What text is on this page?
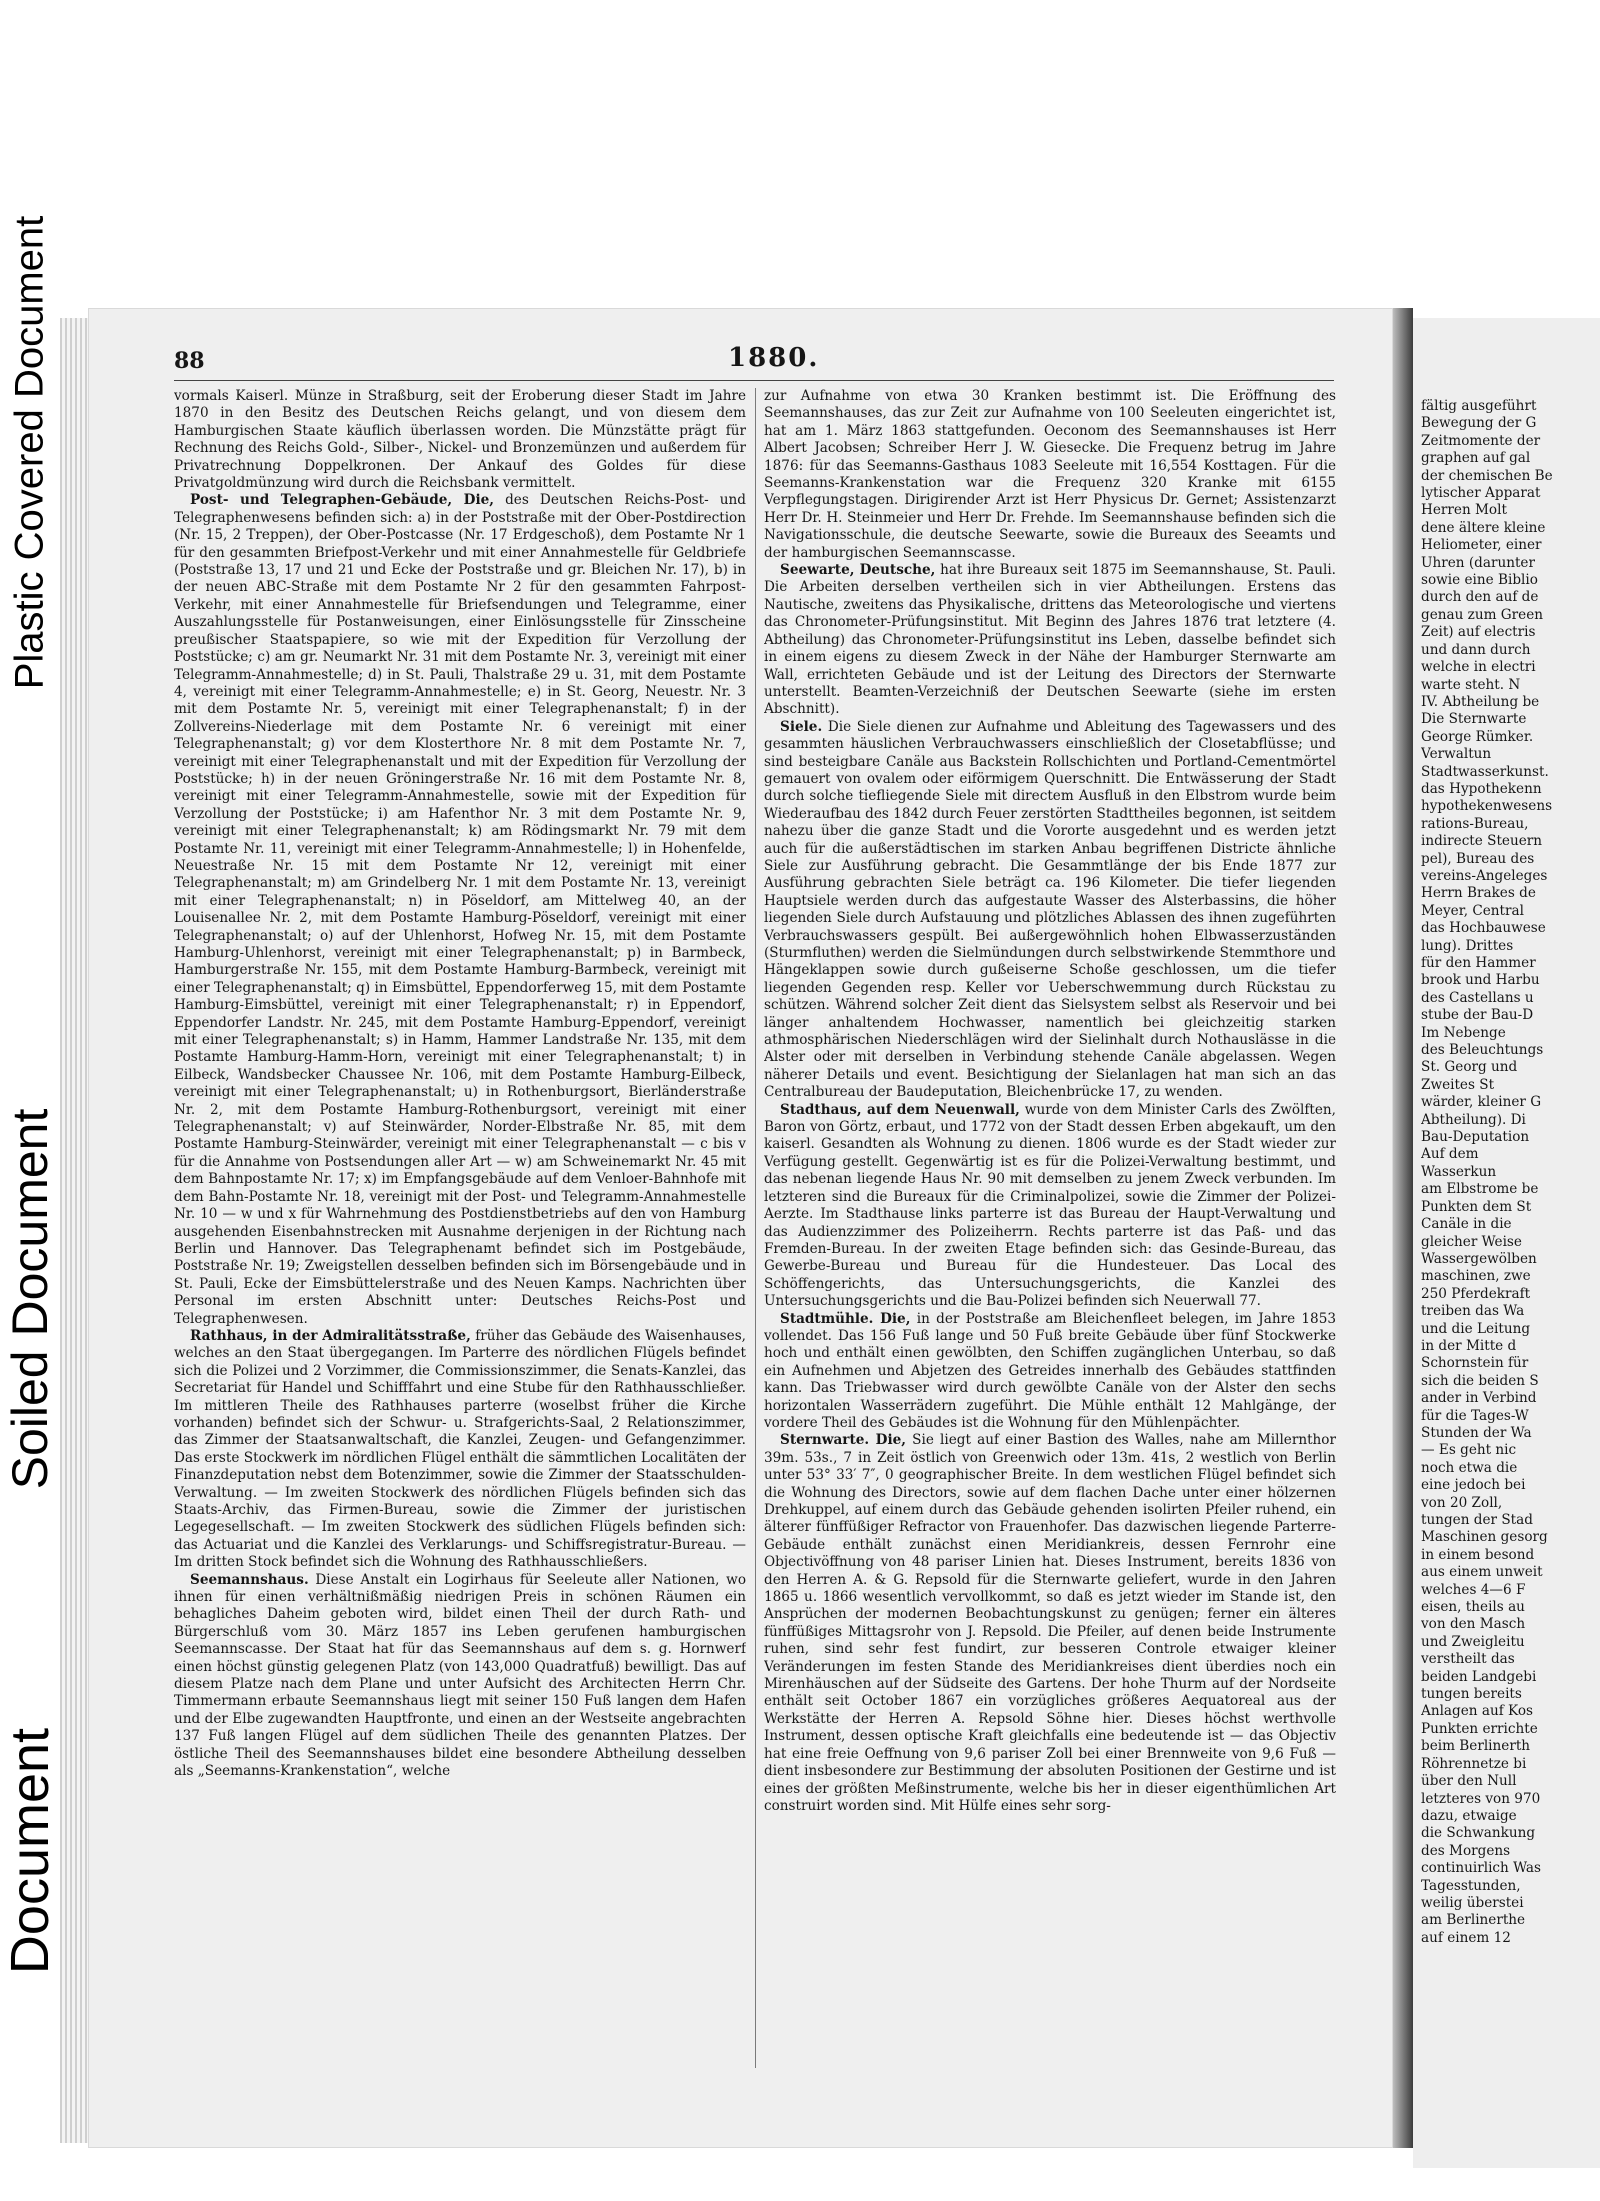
Plastic Covered Document
Soiled Document
Document
88	1880.

vormals Kaiserl. Münze in Straßburg, seit der Eroberung dieser Stadt im Jahre 1870 in den Besitz des Deutschen Reichs gelangt, und von diesem dem Hamburgischen Staate käuflich überlassen worden. Die Münzstätte prägt für Rechnung des Reichs Gold-, Silber-, Nickel- und Bronzemünzen und außerdem für Privatrechnung Doppelkronen. Der Ankauf des Goldes für diese Privatgoldmünzung wird durch die Reichsbank vermittelt.

Post- und Telegraphen-Gebäude, Die, des Deutschen Reichs-Post- und Telegraphenwesens befinden sich: a) in der Poststraße mit der Ober-Postdirection (Nr. 15, 2 Treppen), der Ober-Postcasse (Nr. 17 Erdgeschoß), dem Postamte Nr 1 für den gesammten Briefpost-Verkehr und mit einer Annahmestelle für Geldbriefe (Poststraße 13, 17 und 21 und Ecke der Poststraße und gr. Bleichen Nr. 17), b) in der neuen ABC-Straße mit dem Postamte Nr 2 für den gesammten Fahrpost-Verkehr, mit einer Annahmestelle für Briefsendungen und Telegramme, einer Auszahlungsstelle für Postanweisungen, einer Einlösungsstelle für Zinsscheine preußischer Staatspapiere, so wie mit der Expedition für Verzollung der Poststücke; c) am gr. Neumarkt Nr. 31 mit dem Postamte Nr. 3, vereinigt mit einer Telegramm-Annahmestelle; d) in St. Pauli, Thalstraße 29 u. 31, mit dem Postamte 4, vereinigt mit einer Telegramm-Annahmestelle; e) in St. Georg, Neuestr. Nr. 3 mit dem Postamte Nr. 5, vereinigt mit einer Telegraphenanstalt; f) in der Zollvereins-Niederlage mit dem Postamte Nr. 6 vereinigt mit einer Telegraphenanstalt; g) vor dem Klosterthore Nr. 8 mit dem Postamte Nr. 7, vereinigt mit einer Telegraphenanstalt und mit der Expedition für Verzollung der Poststücke; h) in der neuen Gröningerstraße Nr. 16 mit dem Postamte Nr. 8, vereinigt mit einer Telegramm-Annahmestelle, sowie mit der Expedition für Verzollung der Poststücke; i) am Hafenthor Nr. 3 mit dem Postamte Nr. 9, vereinigt mit einer Telegraphenanstalt; k) am Rödingsmarkt Nr. 79 mit dem Postamte Nr. 11, vereinigt mit einer Telegramm-Annahmestelle; l) in Hohenfelde, Neuestraße Nr. 15 mit dem Postamte Nr 12, vereinigt mit einer Telegraphenanstalt; m) am Grindelberg Nr. 1 mit dem Postamte Nr. 13, vereinigt mit einer Telegraphenanstalt; n) in Pöseldorf, am Mittelweg 40, an der Louisenallee Nr. 2, mit dem Postamte Hamburg-Pöseldorf, vereinigt mit einer Telegraphenanstalt; o) auf der Uhlenhorst, Hofweg Nr. 15, mit dem Postamte Hamburg-Uhlenhorst, vereinigt mit einer Telegraphenanstalt; p) in Barmbeck, Hamburgerstraße Nr. 155, mit dem Postamte Hamburg-Barmbeck, vereinigt mit einer Telegraphenanstalt; q) in Eimsbüttel, Eppendorferweg 15, mit dem Postamte Hamburg-Eimsbüttel, vereinigt mit einer Telegraphenanstalt; r) in Eppendorf, Eppendorfer Landstr. Nr. 245, mit dem Postamte Hamburg-Eppendorf, vereinigt mit einer Telegraphenanstalt; s) in Hamm, Hammer Landstraße Nr. 135, mit dem Postamte Hamburg-Hamm-Horn, vereinigt mit einer Telegraphenanstalt; t) in Eilbeck, Wandsbecker Chaussee Nr. 106, mit dem Postamte Hamburg-Eilbeck, vereinigt mit einer Telegraphenanstalt; u) in Rothenburgsort, Bierländerstraße Nr. 2, mit dem Postamte Hamburg-Rothenburgsort, vereinigt mit einer Telegraphenanstalt; v) auf Steinwärder, Norder-Elbstraße Nr. 85, mit dem Postamte Hamburg-Steinwärder, vereinigt mit einer Telegraphenanstalt — c bis v für die Annahme von Postsendungen aller Art — w) am Schweinemarkt Nr. 45 mit dem Bahnpostamte Nr. 17; x) im Empfangsgebäude auf dem Venloer-Bahnhofe mit dem Bahn-Postamte Nr. 18, vereinigt mit der Post- und Telegramm-Annahmestelle Nr. 10 — w und x für Wahrnehmung des Postdienstbetriebs auf den von Hamburg ausgehenden Eisenbahnstrecken mit Ausnahme derjenigen in der Richtung nach Berlin und Hannover. Das Telegraphenamt befindet sich im Postgebäude, Poststraße Nr. 19; Zweigstellen desselben befinden sich im Börsengebäude und in St. Pauli, Ecke der Eimsbüttelerstraße und des Neuen Kamps. Nachrichten über Personal im ersten Abschnitt unter: Deutsches Reichs-Post und Telegraphenwesen.

Rathhaus, in der Admiralitätsstraße, früher das Gebäude des Waisenhauses, welches an den Staat übergegangen. Im Parterre des nördlichen Flügels befindet sich die Polizei und 2 Vorzimmer, die Commissionszimmer, die Senats-Kanzlei, das Secretariat für Handel und Schifffahrt und eine Stube für den Rathhausschließer. Im mittleren Theile des Rathhauses parterre (woselbst früher die Kirche vorhanden) befindet sich der Schwur- u. Strafgerichts-Saal, 2 Relationszimmer, das Zimmer der Staatsanwaltschaft, die Kanzlei, Zeugen- und Gefangenzimmer. Das erste Stockwerk im nördlichen Flügel enthält die sämmtlichen Localitäten der Finanzdeputation nebst dem Botenzimmer, sowie die Zimmer der Staatsschulden-Verwaltung. — Im zweiten Stockwerk des nördlichen Flügels befinden sich das Staats-Archiv, das Firmen-Bureau, sowie die Zimmer der juristischen Legegesellschaft. — Im zweiten Stockwerk des südlichen Flügels befinden sich: das Actuariat und die Kanzlei des Verklarungs- und Schiffsregistratur-Bureau. — Im dritten Stock befindet sich die Wohnung des Rathhausschließers.

Seemannshaus. Diese Anstalt ein Logirhaus für Seeleute aller Nationen, wo ihnen für einen verhältnißmäßig niedrigen Preis in schönen Räumen ein behagliches Daheim geboten wird, bildet einen Theil der durch Rath- und Bürgerschluß vom 30. März 1857 ins Leben gerufenen hamburgischen Seemannscasse. Der Staat hat für das Seemannshaus auf dem s. g. Hornwerf einen höchst günstig gelegenen Platz (von 143,000 Quadratfuß) bewilligt. Das auf diesem Platze nach dem Plane und unter Aufsicht des Architecten Herrn Chr. Timmermann erbaute Seemannshaus liegt mit seiner 150 Fuß langen dem Hafen und der Elbe zugewandten Hauptfronte, und einen an der Westseite angebrachten 137 Fuß langen Flügel auf dem südlichen Theile des genannten Platzes. Der östliche Theil des Seemannshauses bildet eine besondere Abtheilung desselben als „Seemanns-Krankenstation“, welche

zur Aufnahme von etwa 30 Kranken bestimmt ist. Die Eröffnung des Seemannshauses, das zur Zeit zur Aufnahme von 100 Seeleuten eingerichtet ist, hat am 1. März 1863 stattgefunden. Oeconom des Seemannshauses ist Herr Albert Jacobsen; Schreiber Herr J. W. Giesecke. Die Frequenz betrug im Jahre 1876: für das Seemanns-Gasthaus 1083 Seeleute mit 16,554 Kosttagen. Für die Seemanns-Krankenstation war die Frequenz 320 Kranke mit 6155 Verpflegungstagen. Dirigirender Arzt ist Herr Physicus Dr. Gernet; Assistenzarzt Herr Dr. H. Steinmeier und Herr Dr. Frehde. Im Seemannshause befinden sich die Navigationsschule, die deutsche Seewarte, sowie die Bureaux des Seeamts und der hamburgischen Seemannscasse.

Seewarte, Deutsche, hat ihre Bureaux seit 1875 im Seemannshause, St. Pauli. Die Arbeiten derselben vertheilen sich in vier Abtheilungen. Erstens das Nautische, zweitens das Physikalische, drittens das Meteorologische und viertens das Chronometer-Prüfungsinstitut. Mit Beginn des Jahres 1876 trat letztere (4. Abtheilung) das Chronometer-Prüfungsinstitut ins Leben, dasselbe befindet sich in einem eigens zu diesem Zweck in der Nähe der Hamburger Sternwarte am Wall, errichteten Gebäude und ist der Leitung des Directors der Sternwarte unterstellt. Beamten-Verzeichniß der Deutschen Seewarte (siehe im ersten Abschnitt).

Siele. Die Siele dienen zur Aufnahme und Ableitung des Tagewassers und des gesammten häuslichen Verbrauchwassers einschließlich der Closetabflüsse; und sind besteigbare Canäle aus Backstein Rollschichten und Portland-Cementmörtel gemauert von ovalem oder eiförmigem Querschnitt. Die Entwässerung der Stadt durch solche tiefliegende Siele mit directem Ausfluß in den Elbstrom wurde beim Wiederaufbau des 1842 durch Feuer zerstörten Stadttheiles begonnen, ist seitdem nahezu über die ganze Stadt und die Vororte ausgedehnt und es werden jetzt auch für die außerstädtischen im starken Anbau begriffenen Districte ähnliche Siele zur Ausführung gebracht. Die Gesammtlänge der bis Ende 1877 zur Ausführung gebrachten Siele beträgt ca. 196 Kilometer. Die tiefer liegenden Hauptsiele werden durch das aufgestaute Wasser des Alsterbassins, die höher liegenden Siele durch Aufstauung und plötzliches Ablassen des ihnen zugeführten Verbrauchswassers gespült. Bei außergewöhnlich hohen Elbwasserzuständen (Sturmfluthen) werden die Sielmündungen durch selbstwirkende Stemmthore und Hängeklappen sowie durch gußeiserne Schoße geschlossen, um die tiefer liegenden Gegenden resp. Keller vor Ueberschwemmung durch Rückstau zu schützen. Während solcher Zeit dient das Sielsystem selbst als Reservoir und bei länger anhaltendem Hochwasser, namentlich bei gleichzeitig starken athmosphärischen Niederschlägen wird der Sielinhalt durch Nothauslässe in die Alster oder mit derselben in Verbindung stehende Canäle abgelassen. Wegen näherer Details und event. Besichtigung der Sielanlagen hat man sich an das Centralbureau der Baudeputation, Bleichenbrücke 17, zu wenden.

Stadthaus, auf dem Neuenwall, wurde von dem Minister Carls des Zwölften, Baron von Görtz, erbaut, und 1772 von der Stadt dessen Erben abgekauft, um den kaiserl. Gesandten als Wohnung zu dienen. 1806 wurde es der Stadt wieder zur Verfügung gestellt. Gegenwärtig ist es für die Polizei-Verwaltung bestimmt, und das nebenan liegende Haus Nr. 90 mit demselben zu jenem Zweck verbunden. Im letzteren sind die Bureaux für die Criminalpolizei, sowie die Zimmer der Polizei-Aerzte. Im Stadthause links parterre ist das Bureau der Haupt-Verwaltung und das Audienzzimmer des Polizeiherrn. Rechts parterre ist das Paß- und das Fremden-Bureau. In der zweiten Etage befinden sich: das Gesinde-Bureau, das Gewerbe-Bureau und Bureau für die Hundesteuer. Das Local des Schöffengerichts, das Untersuchungsgerichts, die Kanzlei des Untersuchungsgerichts und die Bau-Polizei befinden sich Neuerwall 77.

Stadtmühle. Die, in der Poststraße am Bleichenfleet belegen, im Jahre 1853 vollendet. Das 156 Fuß lange und 50 Fuß breite Gebäude über fünf Stockwerke hoch und enthält einen gewölbten, den Schiffen zugänglichen Unterbau, so daß ein Aufnehmen und Abjetzen des Getreides innerhalb des Gebäudes stattfinden kann. Das Triebwasser wird durch gewölbte Canäle von der Alster den sechs horizontalen Wasserrädern zugeführt. Die Mühle enthält 12 Mahlgänge, der vordere Theil des Gebäudes ist die Wohnung für den Mühlenpächter.

Sternwarte. Die, Sie liegt auf einer Bastion des Walles, nahe am Millernthor 39m. 53s., 7 in Zeit östlich von Greenwich oder 13m. 41s, 2 westlich von Berlin unter 53° 33′ 7″, 0 geographischer Breite. In dem westlichen Flügel befindet sich die Wohnung des Directors, sowie auf dem flachen Dache unter einer hölzernen Drehkuppel, auf einem durch das Gebäude gehenden isolirten Pfeiler ruhend, ein älterer fünffüßiger Refractor von Frauenhofer. Das dazwischen liegende Parterre-Gebäude enthält zunächst einen Meridiankreis, dessen Fernrohr eine Objectivöffnung von 48 pariser Linien hat. Dieses Instrument, bereits 1836 von den Herren A. & G. Repsold für die Sternwarte geliefert, wurde in den Jahren 1865 u. 1866 wesentlich vervollkommt, so daß es jetzt wieder im Stande ist, den Ansprüchen der modernen Beobachtungskunst zu genügen; ferner ein älteres fünffüßiges Mittagsrohr von J. Repsold. Die Pfeiler, auf denen beide Instrumente ruhen, sind sehr fest fundirt, zur besseren Controle etwaiger kleiner Veränderungen im festen Stande des Meridiankreises dient überdies noch ein Mirenhäuschen auf der Südseite des Gartens. Der hohe Thurm auf der Nordseite enthält seit October 1867 ein vorzügliches größeres Aequatoreal aus der Werkstätte der Herren A. Repsold Söhne hier. Dieses höchst werthvolle Instrument, dessen optische Kraft gleichfalls eine bedeutende ist — das Objectiv hat eine freie Oeffnung von 9,6 pariser Zoll bei einer Brennweite von 9,6 Fuß — dient insbesondere zur Bestimmung der absoluten Positionen der Gestirne und ist eines der größten Meßinstrumente, welche bis her in dieser eigenthümlichen Art construirt worden sind. Mit Hülfe eines sehr sorg-

fältig ausgeführt
Bewegung der G
Zeitmomente der
graphen auf gal
der chemischen Be
lytischer Apparat
Herren Molt
dene ältere kleine
Heliometer, einer
Uhren (darunter
sowie eine Biblio
durch den auf de
genau zum Green
Zeit) auf electris
und dann durch
welche in electri
warte steht. N
IV. Abtheilung be
Die Sternwarte
George Rümker.
Verwaltun
Stadtwasserkunst.
das Hypothekenn
hypothekenwesens
rations-Bureau,
indirecte Steuern
pel), Bureau des
vereins-Angeleges
Herrn Brakes de
Meyer, Central
das Hochbauwese
lung). Drittes
für den Hammer
brook und Harbu
des Castellans u
stube der Bau-D
Im Nebenge
des Beleuchtungs
St. Georg und
Zweites St
wärder, kleiner G
Abtheilung). Di
Bau-Deputation
Auf dem
Wasserkun
am Elbstrome be
Punkten dem St
Canäle in die
gleicher Weise
Wassergewölben
maschinen, zwe
250 Pferdekraft
treiben das Wa
und die Leitung
in der Mitte d
Schornstein für
sich die beiden S
ander in Verbind
für die Tages-W
Stunden der Wa
— Es geht nic
noch etwa die
eine jedoch bei
von 20 Zoll,
tungen der Stad
Maschinen gesorg
in einem besond
aus einem unweit
welches 4—6 F
eisen, theils au
von den Masch
und Zweigleitu
verstheilt das
beiden Landgebi
tungen bereits
Anlagen auf Kos
Punkten errichte
beim Berlinerth
Röhrennetze bi
über den Null
letzteres von 970
dazu, etwaige
die Schwankung
des Morgens
continuirlich Was
Tagesstunden,
weilig überstei
am Berlinerthe
auf einem 12
